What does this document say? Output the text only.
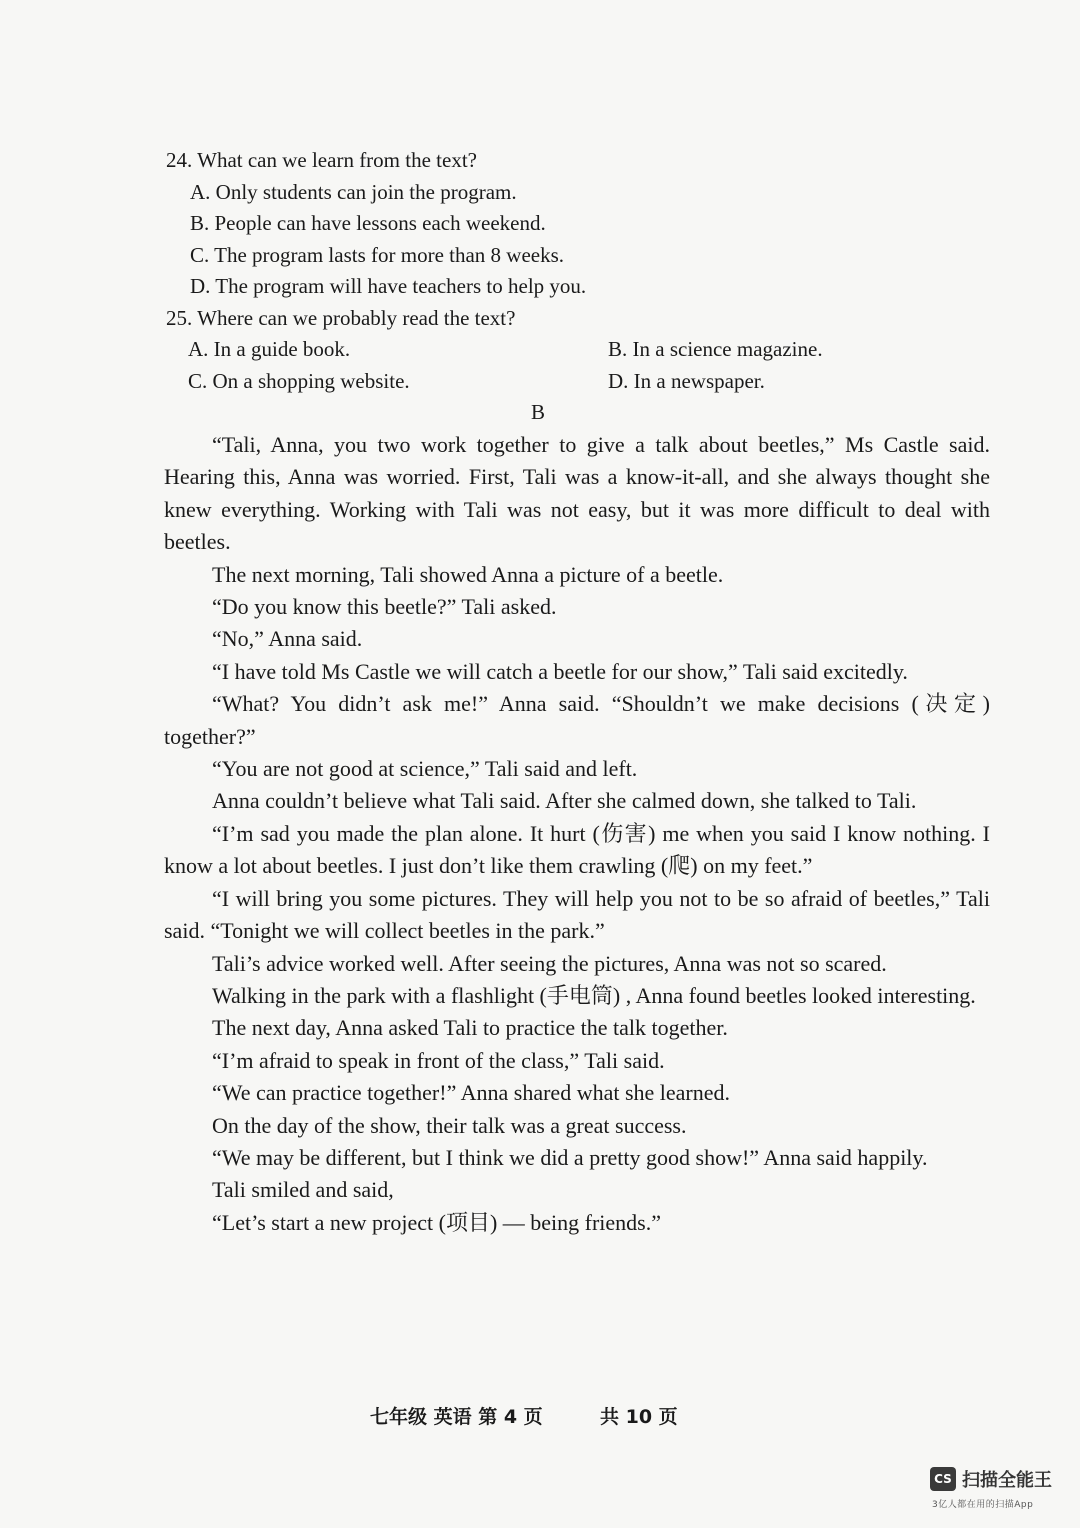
24. What can we learn from the text?
A. Only students can join the program.
B. People can have lessons each weekend.
C. The program lasts for more than 8 weeks.
D. The program will have teachers to help you.
25. Where can we probably read the text?
A. In a guide book.	B. In a science magazine.
C. On a shopping website.	D. In a newspaper.
B

“Tali, Anna, you two work together to give a talk about beetles,” Ms Castle said. Hearing this, Anna was worried. First, Tali was a know-it-all, and she always thought she knew everything. Working with Tali was not easy, but it was more difficult to deal with beetles.

The next morning, Tali showed Anna a picture of a beetle.

“Do you know this beetle?” Tali asked.

“No,” Anna said.

“I have told Ms Castle we will catch a beetle for our show,” Tali said excitedly.

“What? You didn’t ask me!” Anna said. “Shouldn’t we make decisions (决定) together?”

“You are not good at science,” Tali said and left.

Anna couldn’t believe what Tali said. After she calmed down, she talked to Tali.

“I’m sad you made the plan alone. It hurt (伤害) me when you said I know nothing. I know a lot about beetles. I just don’t like them crawling (爬) on my feet.”

“I will bring you some pictures. They will help you not to be so afraid of beetles,” Tali said. “Tonight we will collect beetles in the park.”

Tali’s advice worked well. After seeing the pictures, Anna was not so scared.

Walking in the park with a flashlight (手电筒) , Anna found beetles looked interesting.

The next day, Anna asked Tali to practice the talk together.

“I’m afraid to speak in front of the class,” Tali said.

“We can practice together!” Anna shared what she learned.

On the day of the show, their talk was a great success.

“We may be different, but I think we did a pretty good show!” Anna said happily.

Tali smiled and said,

“Let’s start a new project (项目) — being friends.”

七年级 英语 第 4 页	共 10 页
CS 扫描全能王
3亿人都在用的扫描App
